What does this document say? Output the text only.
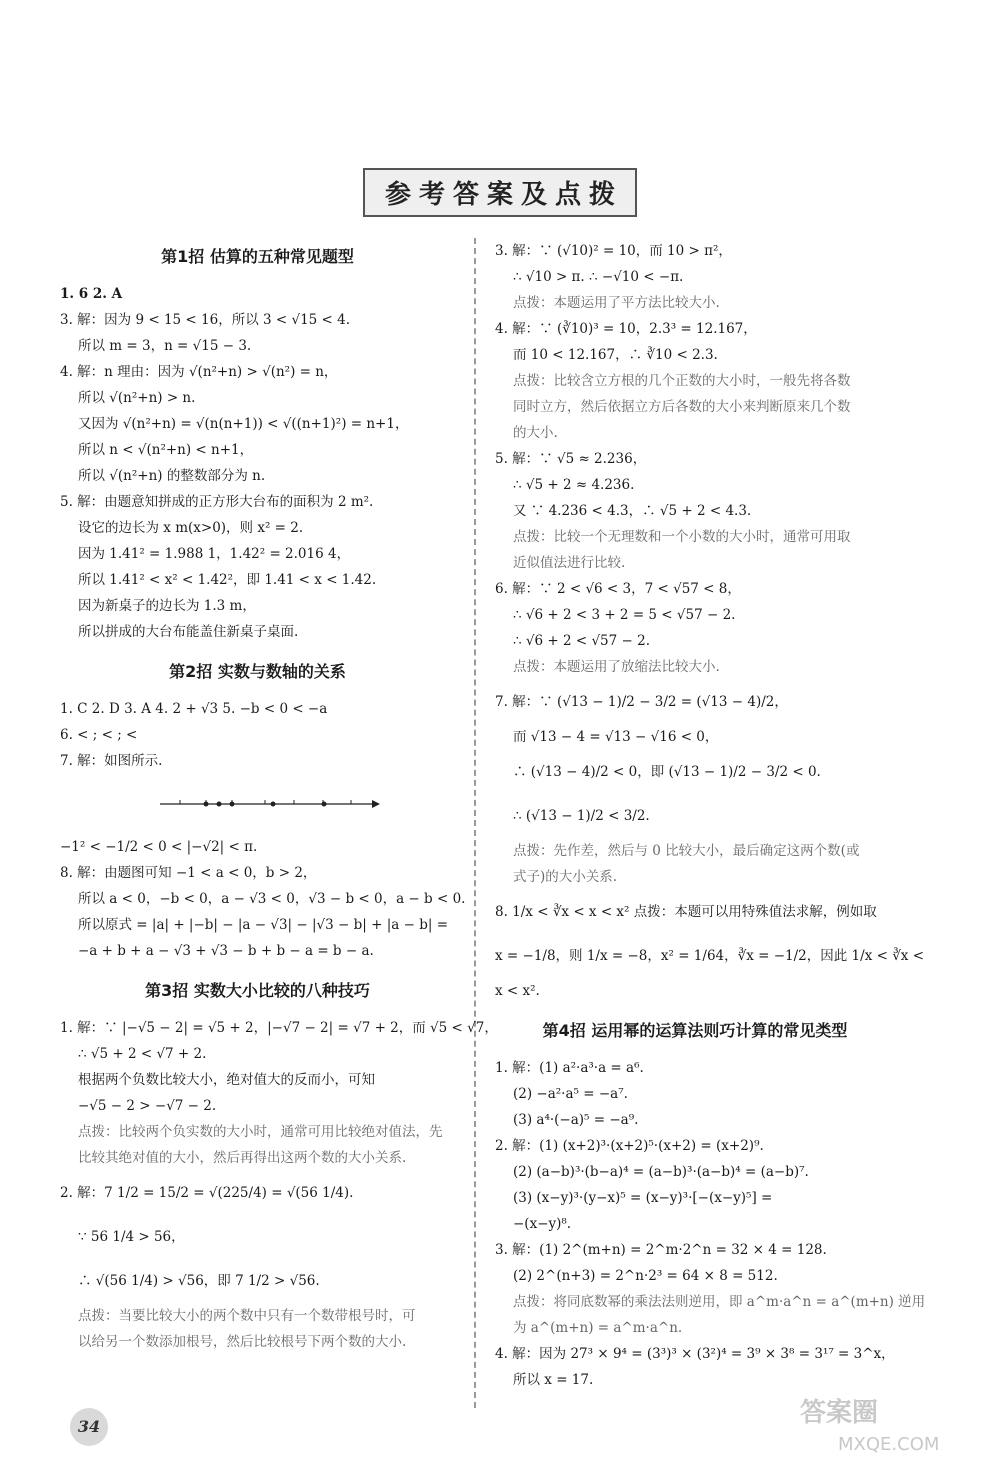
参考答案及点拨
第1招 估算的五种常见题型
1. 6 2. A
3. 解：因为 9 < 15 < 16，所以 3 < √15 < 4.
所以 m = 3，n = √15 − 3.
4. 解：n 理由：因为 √(n²+n) > √(n²) = n，
所以 √(n²+n) > n.
又因为 √(n²+n) = √(n(n+1)) < √((n+1)²) = n+1，
所以 n < √(n²+n) < n+1，
所以 √(n²+n) 的整数部分为 n.
5. 解：由题意知拼成的正方形大台布的面积为 2 m².
设它的边长为 x m(x>0)，则 x² = 2.
因为 1.41² = 1.988 1，1.42² = 2.016 4，
所以 1.41² < x² < 1.42²，即 1.41 < x < 1.42.
因为新桌子的边长为 1.3 m，
所以拼成的大台布能盖住新桌子桌面.
第2招 实数与数轴的关系
1. C 2. D 3. A 4. 2 + √3 5. −b < 0 < −a
6. < ; < ; <
7. 解：如图所示.
−1² < −1/2 < 0 < |−√2| < π.
8. 解：由题图可知 −1 < a < 0，b > 2，
所以 a < 0，−b < 0，a − √3 < 0，√3 − b < 0，a − b < 0.
所以原式 = |a| + |−b| − |a − √3| − |√3 − b| + |a − b| =
−a + b + a − √3 + √3 − b + b − a = b − a.
第3招 实数大小比较的八种技巧
1. 解：∵ |−√5 − 2| = √5 + 2，|−√7 − 2| = √7 + 2，而 √5 < √7，
∴ √5 + 2 < √7 + 2.
根据两个负数比较大小，绝对值大的反而小，可知
−√5 − 2 > −√7 − 2.
点拨：比较两个负实数的大小时，通常可用比较绝对值法，先
比较其绝对值的大小，然后再得出这两个数的大小关系.
2. 解：7 1/2 = 15/2 = √(225/4) = √(56 1/4).
∵ 56 1/4 > 56，
∴ √(56 1/4) > √56，即 7 1/2 > √56.
点拨：当要比较大小的两个数中只有一个数带根号时，可
以给另一个数添加根号，然后比较根号下两个数的大小.
3. 解：∵ (√10)² = 10，而 10 > π²，
∴ √10 > π. ∴ −√10 < −π.
点拨：本题运用了平方法比较大小.
4. 解：∵ (∛10)³ = 10，2.3³ = 12.167，
而 10 < 12.167，∴ ∛10 < 2.3.
点拨：比较含立方根的几个正数的大小时，一般先将各数
同时立方，然后依据立方后各数的大小来判断原来几个数
的大小.
5. 解：∵ √5 ≈ 2.236，
∴ √5 + 2 ≈ 4.236.
又 ∵ 4.236 < 4.3，∴ √5 + 2 < 4.3.
点拨：比较一个无理数和一个小数的大小时，通常可用取
近似值法进行比较.
6. 解：∵ 2 < √6 < 3，7 < √57 < 8，
∴ √6 + 2 < 3 + 2 = 5 < √57 − 2.
∴ √6 + 2 < √57 − 2.
点拨：本题运用了放缩法比较大小.
7. 解：∵ (√13 − 1)/2 − 3/2 = (√13 − 4)/2，
而 √13 − 4 = √13 − √16 < 0，
∴ (√13 − 4)/2 < 0，即 (√13 − 1)/2 − 3/2 < 0.
∴ (√13 − 1)/2 < 3/2.
点拨：先作差，然后与 0 比较大小，最后确定这两个数(或
式子)的大小关系.
8. 1/x < ∛x < x < x² 点拨：本题可以用特殊值法求解，例如取
x = −1/8，则 1/x = −8，x² = 1/64，∛x = −1/2，因此 1/x < ∛x <
x < x².
第4招 运用幂的运算法则巧计算的常见类型
1. 解：(1) a²·a³·a = a⁶.
(2) −a²·a⁵ = −a⁷.
(3) a⁴·(−a)⁵ = −a⁹.
2. 解：(1) (x+2)³·(x+2)⁵·(x+2) = (x+2)⁹.
(2) (a−b)³·(b−a)⁴ = (a−b)³·(a−b)⁴ = (a−b)⁷.
(3) (x−y)³·(y−x)⁵ = (x−y)³·[−(x−y)⁵] =
−(x−y)⁸.
3. 解：(1) 2^(m+n) = 2^m·2^n = 32 × 4 = 128.
(2) 2^(n+3) = 2^n·2³ = 64 × 8 = 512.
点拨：将同底数幂的乘法法则逆用，即 a^m·a^n = a^(m+n) 逆用
为 a^(m+n) = a^m·a^n.
4. 解：因为 27³ × 9⁴ = (3³)³ × (3²)⁴ = 3⁹ × 3⁸ = 3¹⁷ = 3^x，
所以 x = 17.
34	答案圈
MXQE.COM
